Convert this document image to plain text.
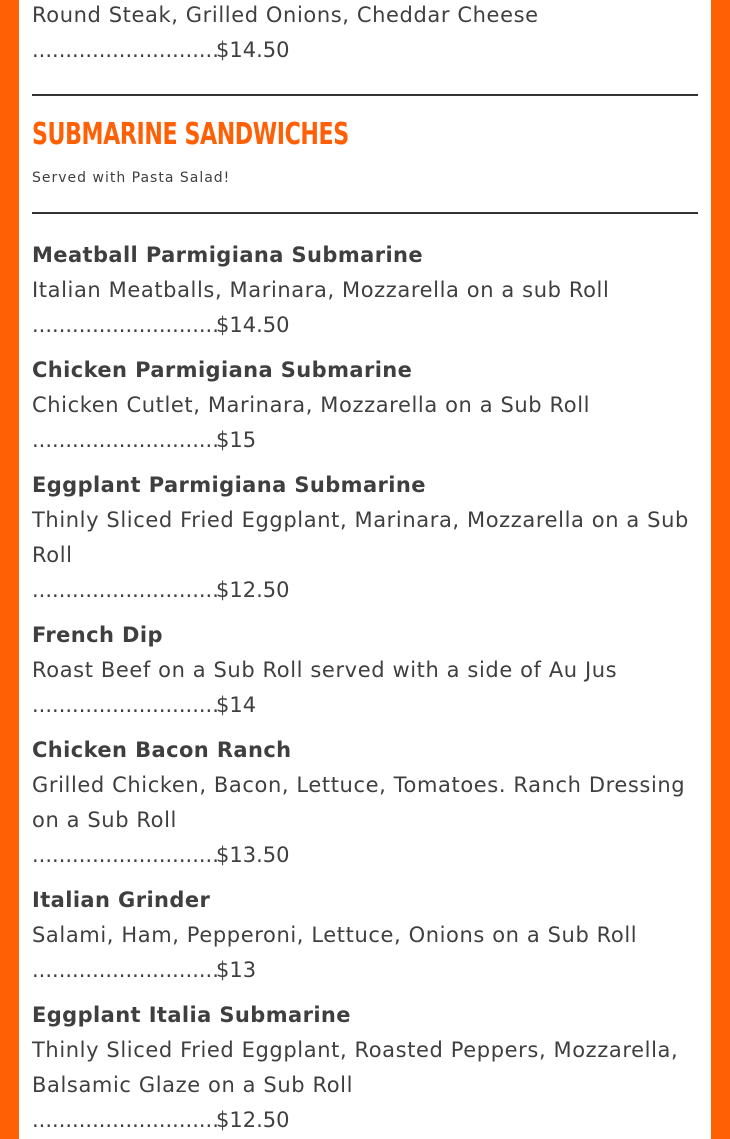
Round Steak, Grilled Onions, Cheddar Cheese
............................$14.50
SUBMARINE SANDWICHES

Served with Pasta Salad!

Meatball Parmigiana Submarine
Italian Meatballs, Marinara, Mozzarella on a sub Roll
............................$14.50
Chicken Parmigiana Submarine
Chicken Cutlet, Marinara, Mozzarella on a Sub Roll
............................$15
Eggplant Parmigiana Submarine
Thinly Sliced Fried Eggplant, Marinara, Mozzarella on a Sub Roll
............................$12.50
French Dip
Roast Beef on a Sub Roll served with a side of Au Jus
............................$14
Chicken Bacon Ranch
Grilled Chicken, Bacon, Lettuce, Tomatoes. Ranch Dressing on a Sub Roll
............................$13.50
Italian Grinder
Salami, Ham, Pepperoni, Lettuce, Onions on a Sub Roll
............................$13
Eggplant Italia Submarine
Thinly Sliced Fried Eggplant, Roasted Peppers, Mozzarella, Balsamic Glaze on a Sub Roll
............................$12.50
